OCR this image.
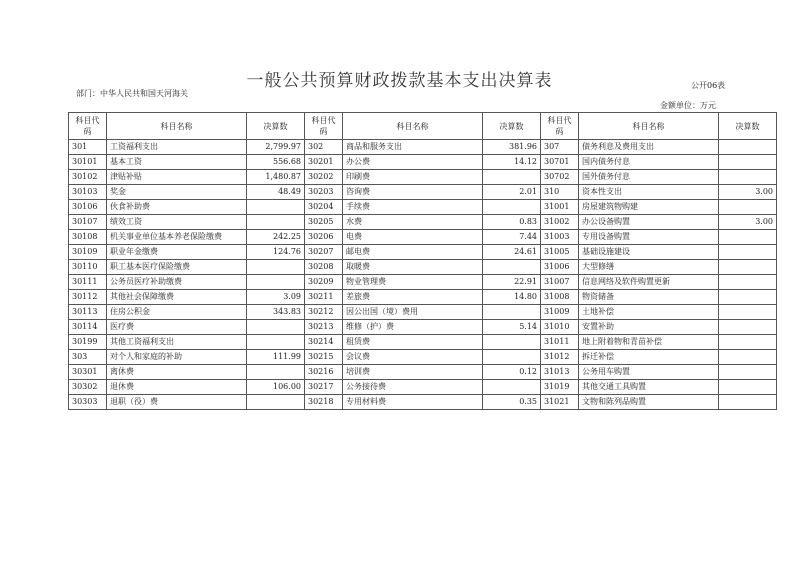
一般公共预算财政拨款基本支出决算表	公开06表
部门：中华人民共和国天河海关
金额单位：万元
科目代码	科目名称	决算数	科目代码	科目名称	决算数	科目代码	科目名称	决算数
301	工资福利支出	2,799.97	302	商品和服务支出	381.96	307	债务利息及费用支出	
30101	基本工资	556.68	30201	办公费	14.12	30701	国内债务付息	
30102	津贴补贴	1,480.87	30202	印刷费		30702	国外债务付息	
30103	奖金	48.49	30203	咨询费	2.01	310	资本性支出	3.00
30106	伙食补助费		30204	手续费		31001	房屋建筑物购建	
30107	绩效工资		30205	水费	0.83	31002	办公设备购置	3.00
30108	机关事业单位基本养老保险缴费	242.25	30206	电费	7.44	31003	专用设备购置	
30109	职业年金缴费	124.76	30207	邮电费	24.61	31005	基础设施建设	
30110	职工基本医疗保险缴费		30208	取暖费		31006	大型修缮	
30111	公务员医疗补助缴费		30209	物业管理费	22.91	31007	信息网络及软件购置更新	
30112	其他社会保障缴费	3.09	30211	差旅费	14.80	31008	物资储备	
30113	住房公积金	343.83	30212	因公出国（境）费用		31009	土地补偿	
30114	医疗费		30213	维修（护）费	5.14	31010	安置补助	
30199	其他工资福利支出		30214	租赁费		31011	地上附着物和青苗补偿	
303	对个人和家庭的补助	111.99	30215	会议费		31012	拆迁补偿	
30301	离休费		30216	培训费	0.12	31013	公务用车购置	
30302	退休费	106.00	30217	公务接待费		31019	其他交通工具购置	
30303	退职（役）费		30218	专用材料费	0.35	31021	文物和陈列品购置	
